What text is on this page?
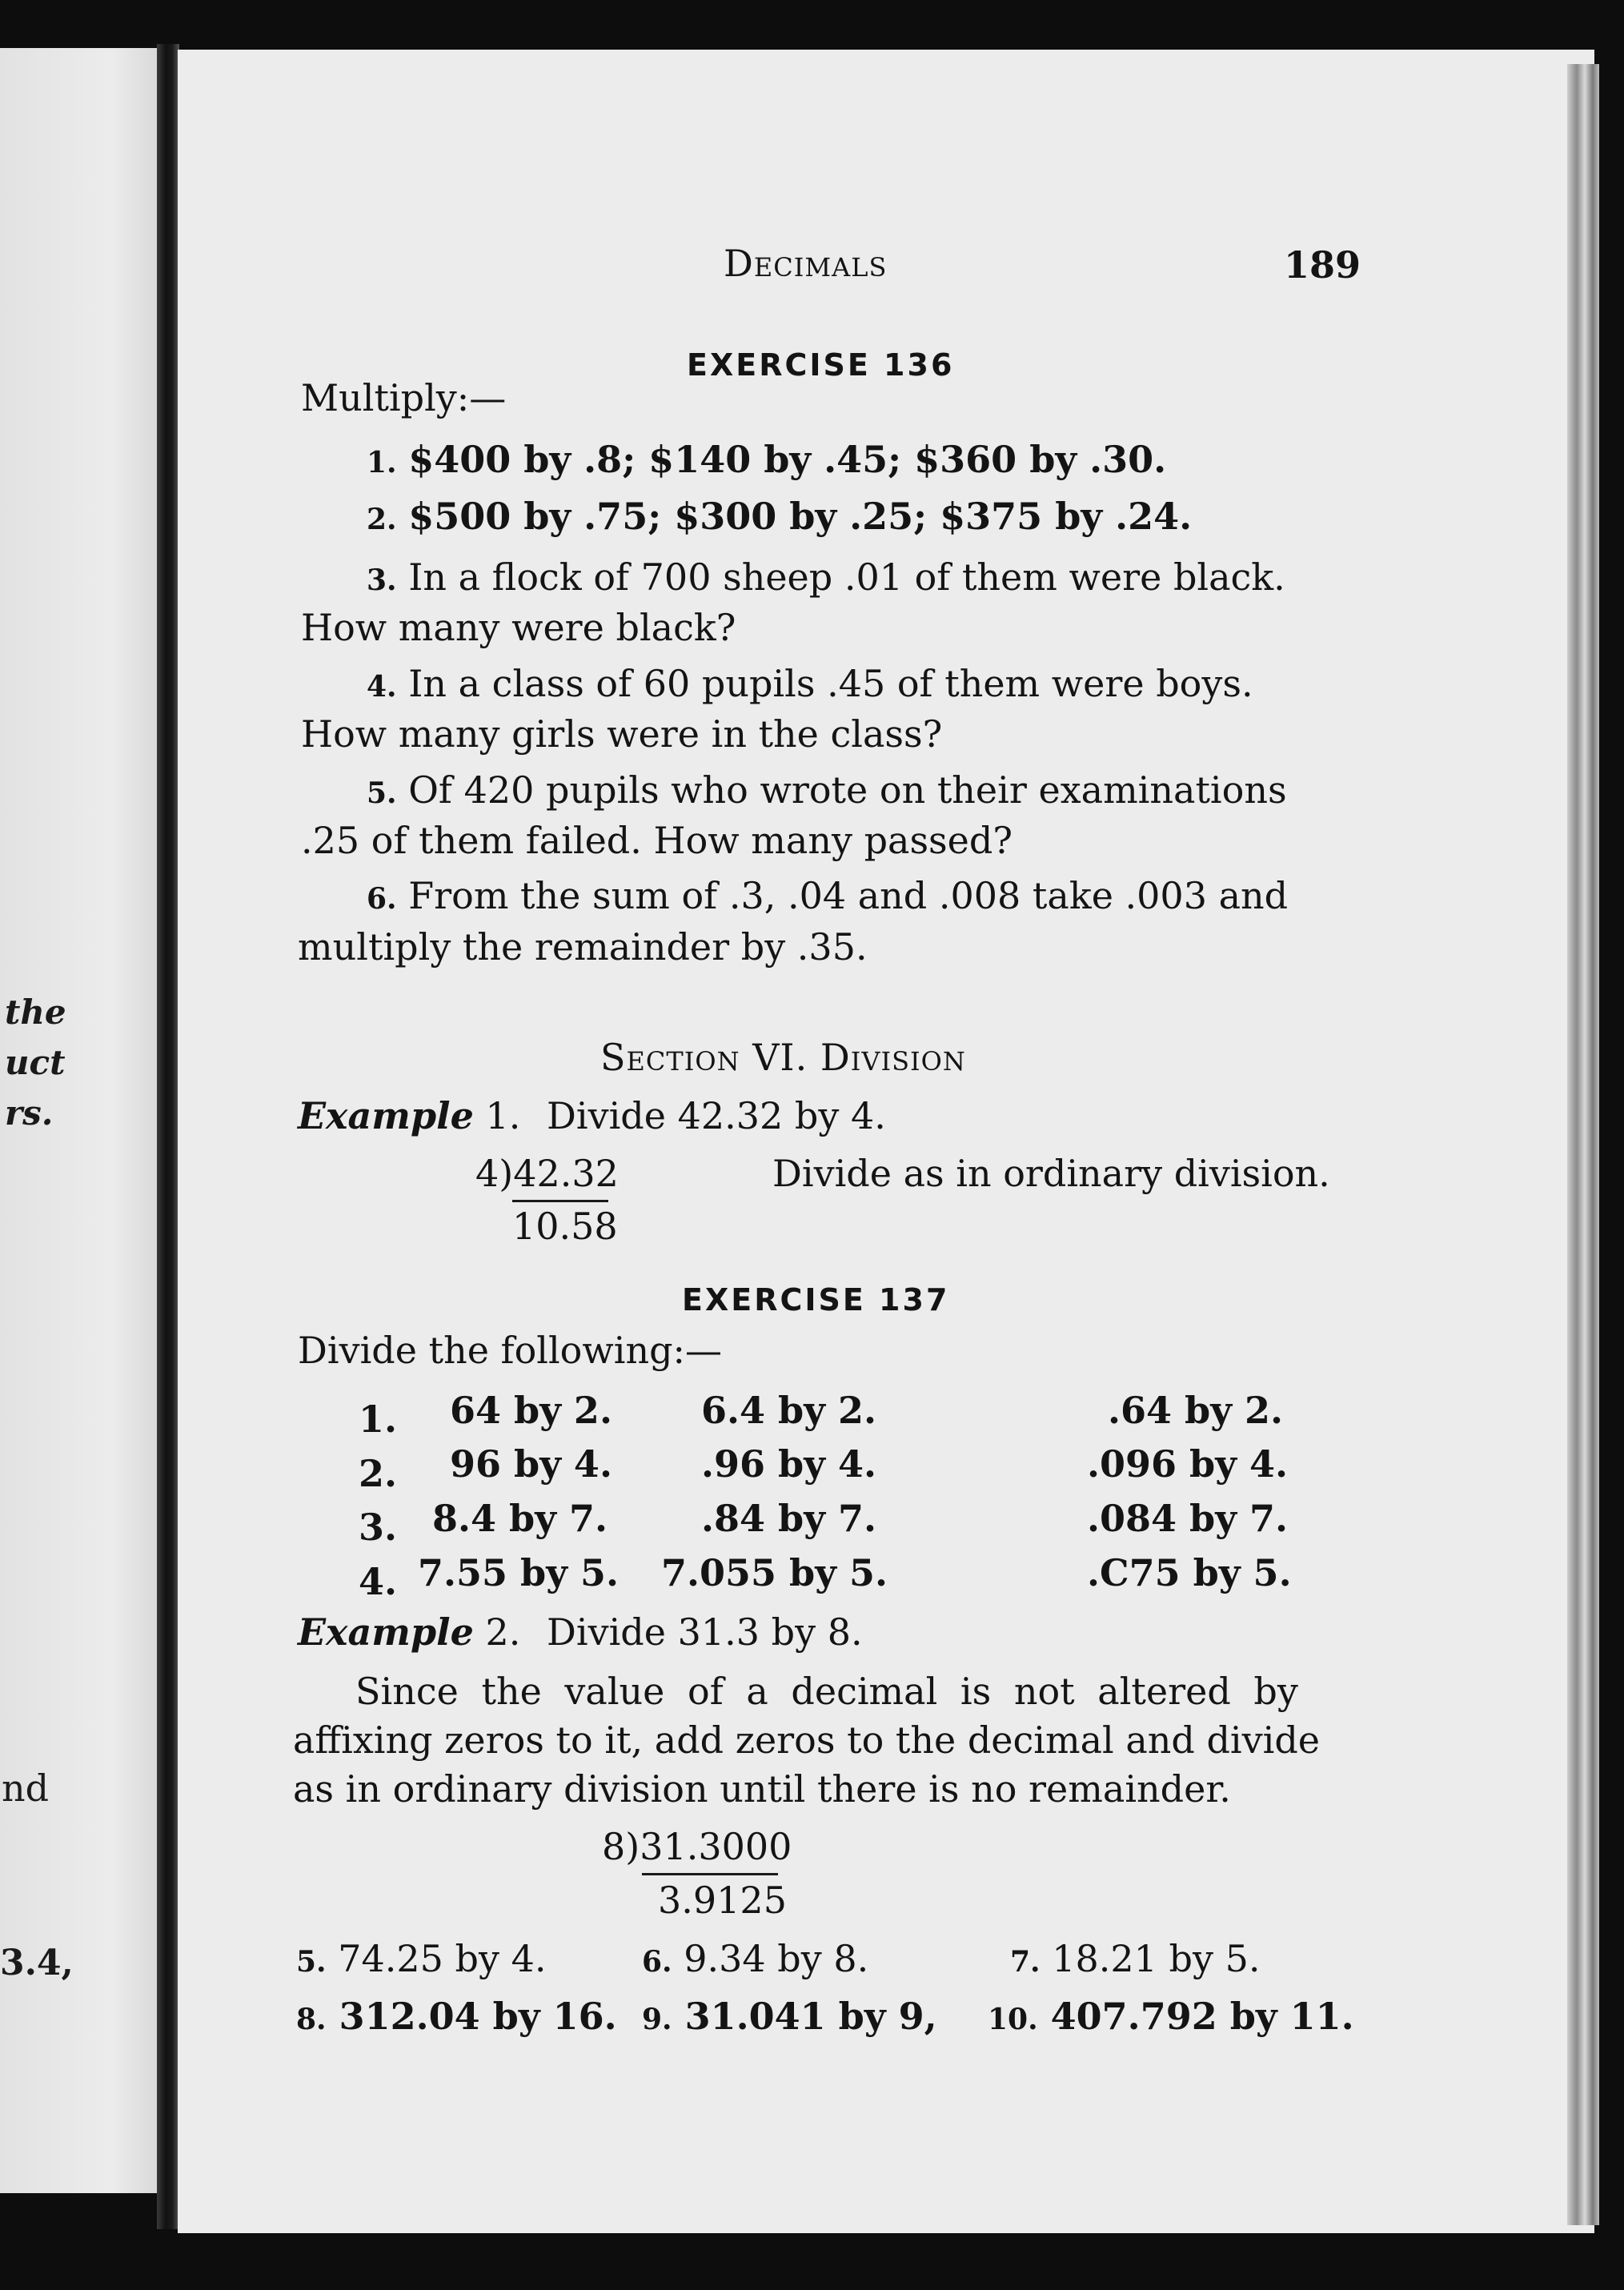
the
uct
rs.
nd
3.4,
Decimals	189
EXERCISE 136
Multiply:—
1. $400 by .8; $140 by .45; $360 by .30.
2. $500 by .75; $300 by .25; $375 by .24.
3. In a flock of 700 sheep .01 of them were black.
How many were black?
4. In a class of 60 pupils .45 of them were boys.
How many girls were in the class?
5. Of 420 pupils who wrote on their examinations
.25 of them failed. How many passed?
6. From the sum of .3, .04 and .008 take .003 and
multiply the remainder by .35.
Section VI. Division
Example 1. Divide 42.32 by 4.
4)42.32
10.58
Divide as in ordinary division.
EXERCISE 137
Divide the following:—
1. 64 by 2. 6.4 by 2.	.64 by 2.
2. 96 by 4. .96 by 4.	.096 by 4.
3. 8.4 by 7.	.84 by 7.	.084 by 7.
4. 7.55 by 5. 7.055 by 5.	.C75 by 5.
Example 2. Divide 31.3 by 8.
Since the value of a decimal is not altered by
affixing zeros to it, add zeros to the decimal and divide
as in ordinary division until there is no remainder.
8)31.3000
3.9125
5. 74.25 by 4.	6. 9.34 by 8.	7. 18.21 by 5.
8. 312.04 by 16. 9. 31.041 by 9, 10. 407.792 by 11.
